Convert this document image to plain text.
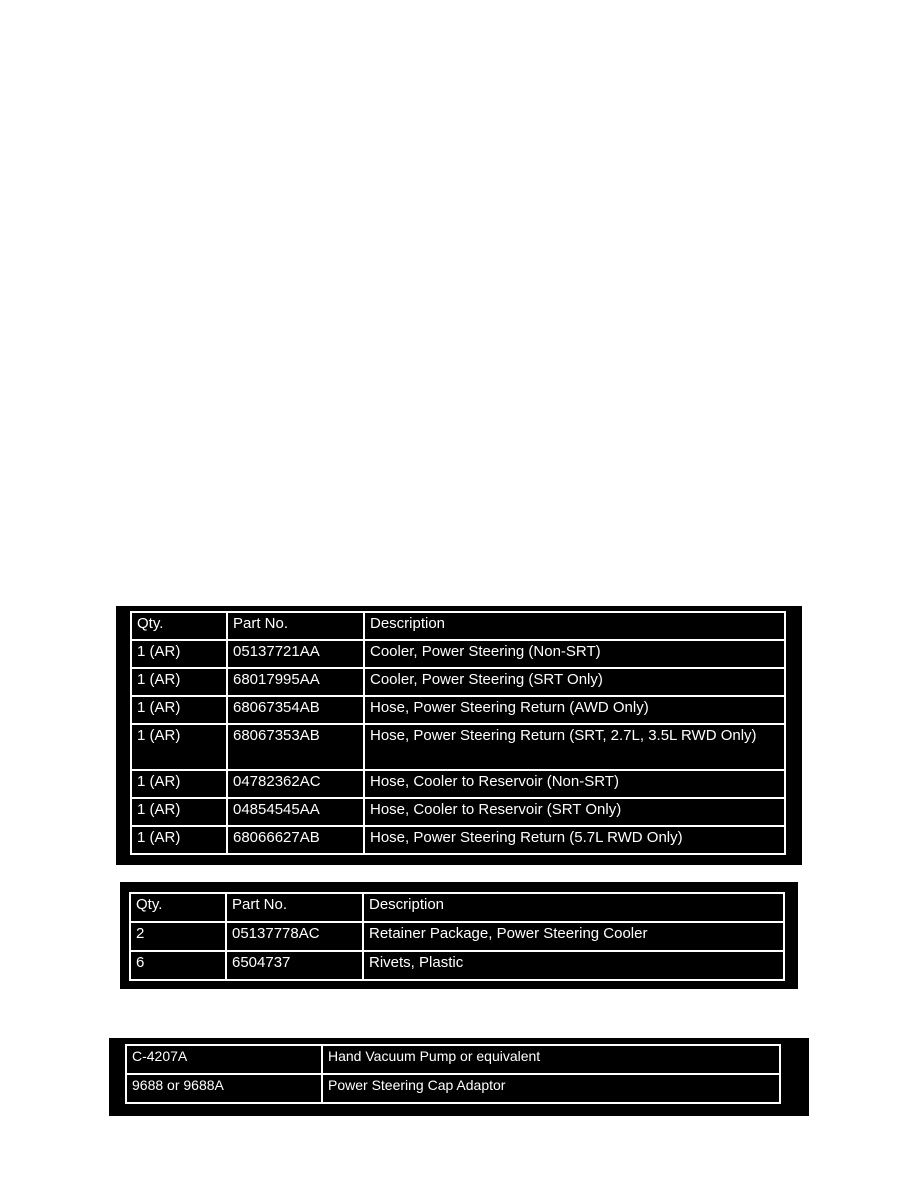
Qty.	Part No.	Description
1 (AR)	05137721AA	Cooler, Power Steering (Non-SRT)
1 (AR)	68017995AA	Cooler, Power Steering (SRT Only)
1 (AR)	68067354AB	Hose, Power Steering Return (AWD Only)
1 (AR)	68067353AB	Hose, Power Steering Return (SRT, 2.7L, 3.5L RWD Only)
1 (AR)	04782362AC	Hose, Cooler to Reservoir (Non-SRT)
1 (AR)	04854545AA	Hose, Cooler to Reservoir (SRT Only)
1 (AR)	68066627AB	Hose, Power Steering Return (5.7L RWD Only)
Qty.	Part No.	Description
2	05137778AC	Retainer Package, Power Steering Cooler
6	6504737	Rivets, Plastic
C-4207A	Hand Vacuum Pump or equivalent
9688 or 9688A	Power Steering Cap Adaptor
